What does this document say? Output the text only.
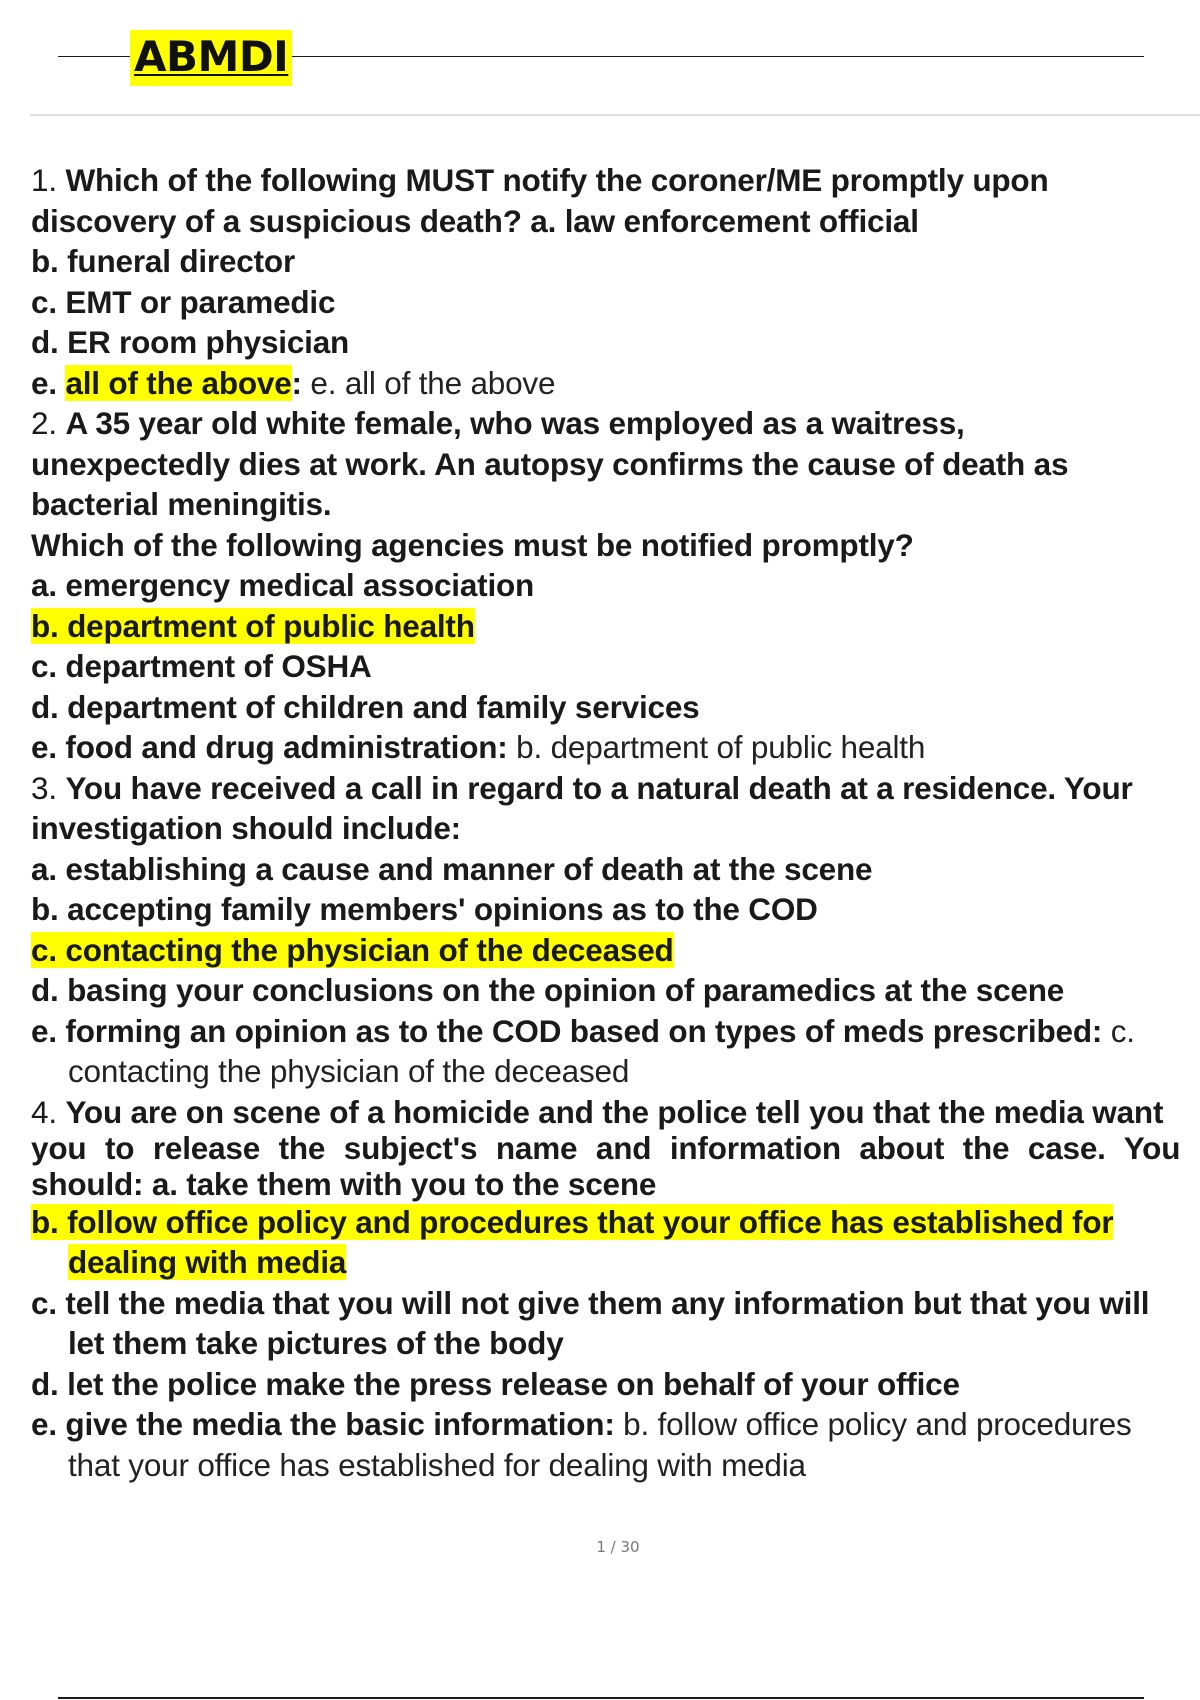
ABMDI
1. Which of the following MUST notify the coroner/ME promptly upon
discovery of a suspicious death? a. law enforcement official
b. funeral director
c. EMT or paramedic
d. ER room physician
e. all of the above: e. all of the above
2. A 35 year old white female, who was employed as a waitress,
unexpectedly dies at work. An autopsy confirms the cause of death as
bacterial meningitis.
Which of the following agencies must be notified promptly?
a. emergency medical association
b. department of public health
c. department of OSHA
d. department of children and family services
e. food and drug administration: b. department of public health
3. You have received a call in regard to a natural death at a residence. Your
investigation should include:
a. establishing a cause and manner of death at the scene
b. accepting family members' opinions as to the COD
c. contacting the physician of the deceased
d. basing your conclusions on the opinion of paramedics at the scene
e. forming an opinion as to the COD based on types of meds prescribed: c.
contacting the physician of the deceased
4. You are on scene of a homicide and the police tell you that the media want
you to release the subject's name and information about the case. You
should: a. take them with you to the scene
b. follow office policy and procedures that your office has established for
dealing with media
c. tell the media that you will not give them any information but that you will
let them take pictures of the body
d. let the police make the press release on behalf of your office
e. give the media the basic information: b. follow office policy and procedures
that your office has established for dealing with media
1 / 30
